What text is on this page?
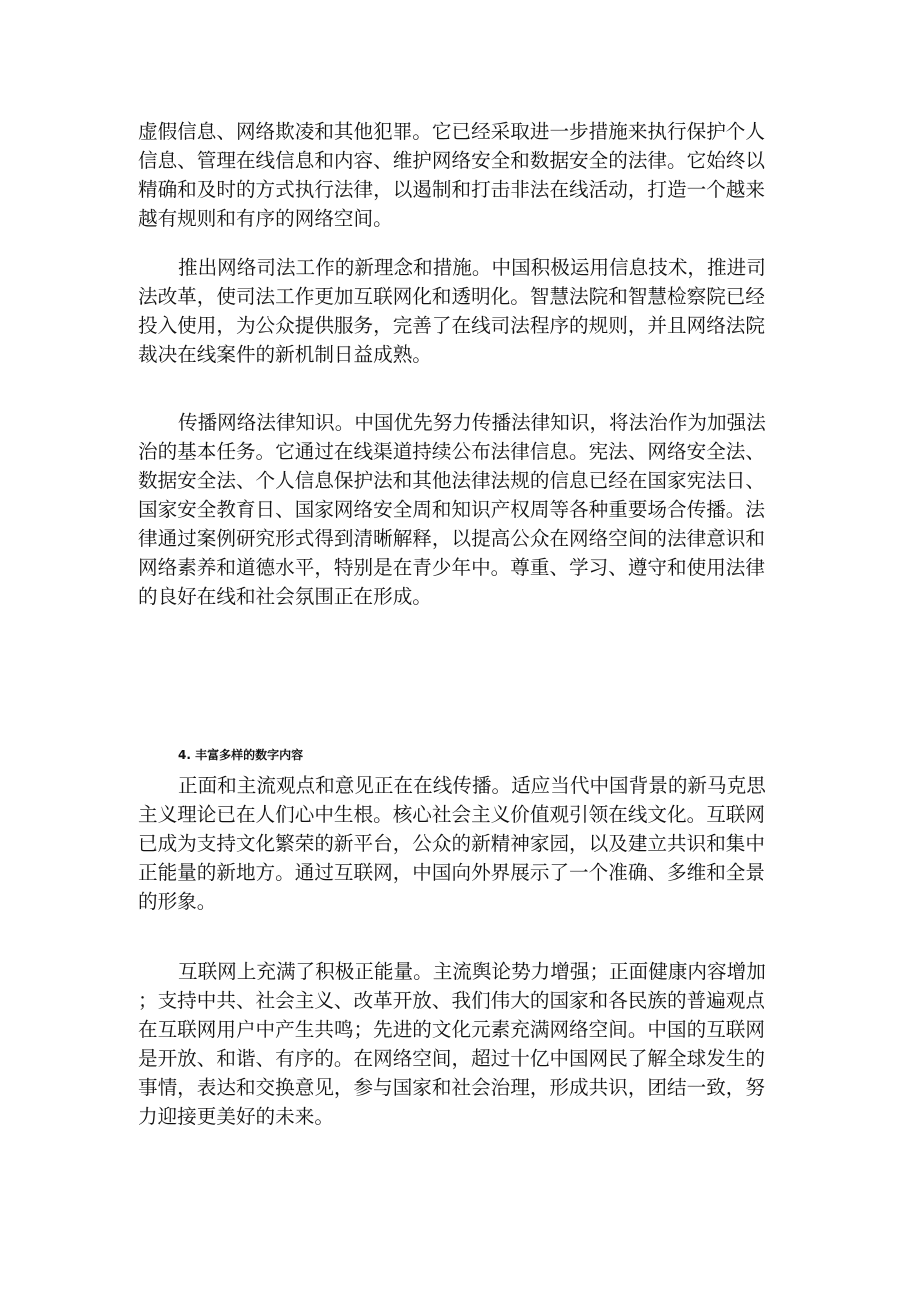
虚假信息、网络欺凌和其他犯罪。它已经采取进一步措施来执行保护个人
信息、管理在线信息和内容、维护网络安全和数据安全的法律。它始终以
精确和及时的方式执行法律，以遏制和打击非法在线活动，打造一个越来
越有规则和有序的网络空间。
推出网络司法工作的新理念和措施。中国积极运用信息技术，推进司
法改革，使司法工作更加互联网化和透明化。智慧法院和智慧检察院已经
投入使用，为公众提供服务，完善了在线司法程序的规则，并且网络法院
裁决在线案件的新机制日益成熟。
传播网络法律知识。中国优先努力传播法律知识，将法治作为加强法
治的基本任务。它通过在线渠道持续公布法律信息。宪法、网络安全法、
数据安全法、个人信息保护法和其他法律法规的信息已经在国家宪法日、
国家安全教育日、国家网络安全周和知识产权周等各种重要场合传播。法
律通过案例研究形式得到清晰解释，以提高公众在网络空间的法律意识和
网络素养和道德水平，特别是在青少年中。尊重、学习、遵守和使用法律
的良好在线和社会氛围正在形成。
4. 丰富多样的数字内容
正面和主流观点和意见正在在线传播。适应当代中国背景的新马克思
主义理论已在人们心中生根。核心社会主义价值观引领在线文化。互联网
已成为支持文化繁荣的新平台，公众的新精神家园，以及建立共识和集中
正能量的新地方。通过互联网，中国向外界展示了一个准确、多维和全景
的形象。
互联网上充满了积极正能量。主流舆论势力增强；正面健康内容增加
；支持中共、社会主义、改革开放、我们伟大的国家和各民族的普遍观点
在互联网用户中产生共鸣；先进的文化元素充满网络空间。中国的互联网
是开放、和谐、有序的。在网络空间，超过十亿中国网民了解全球发生的
事情，表达和交换意见，参与国家和社会治理，形成共识，团结一致，努
力迎接更美好的未来。
